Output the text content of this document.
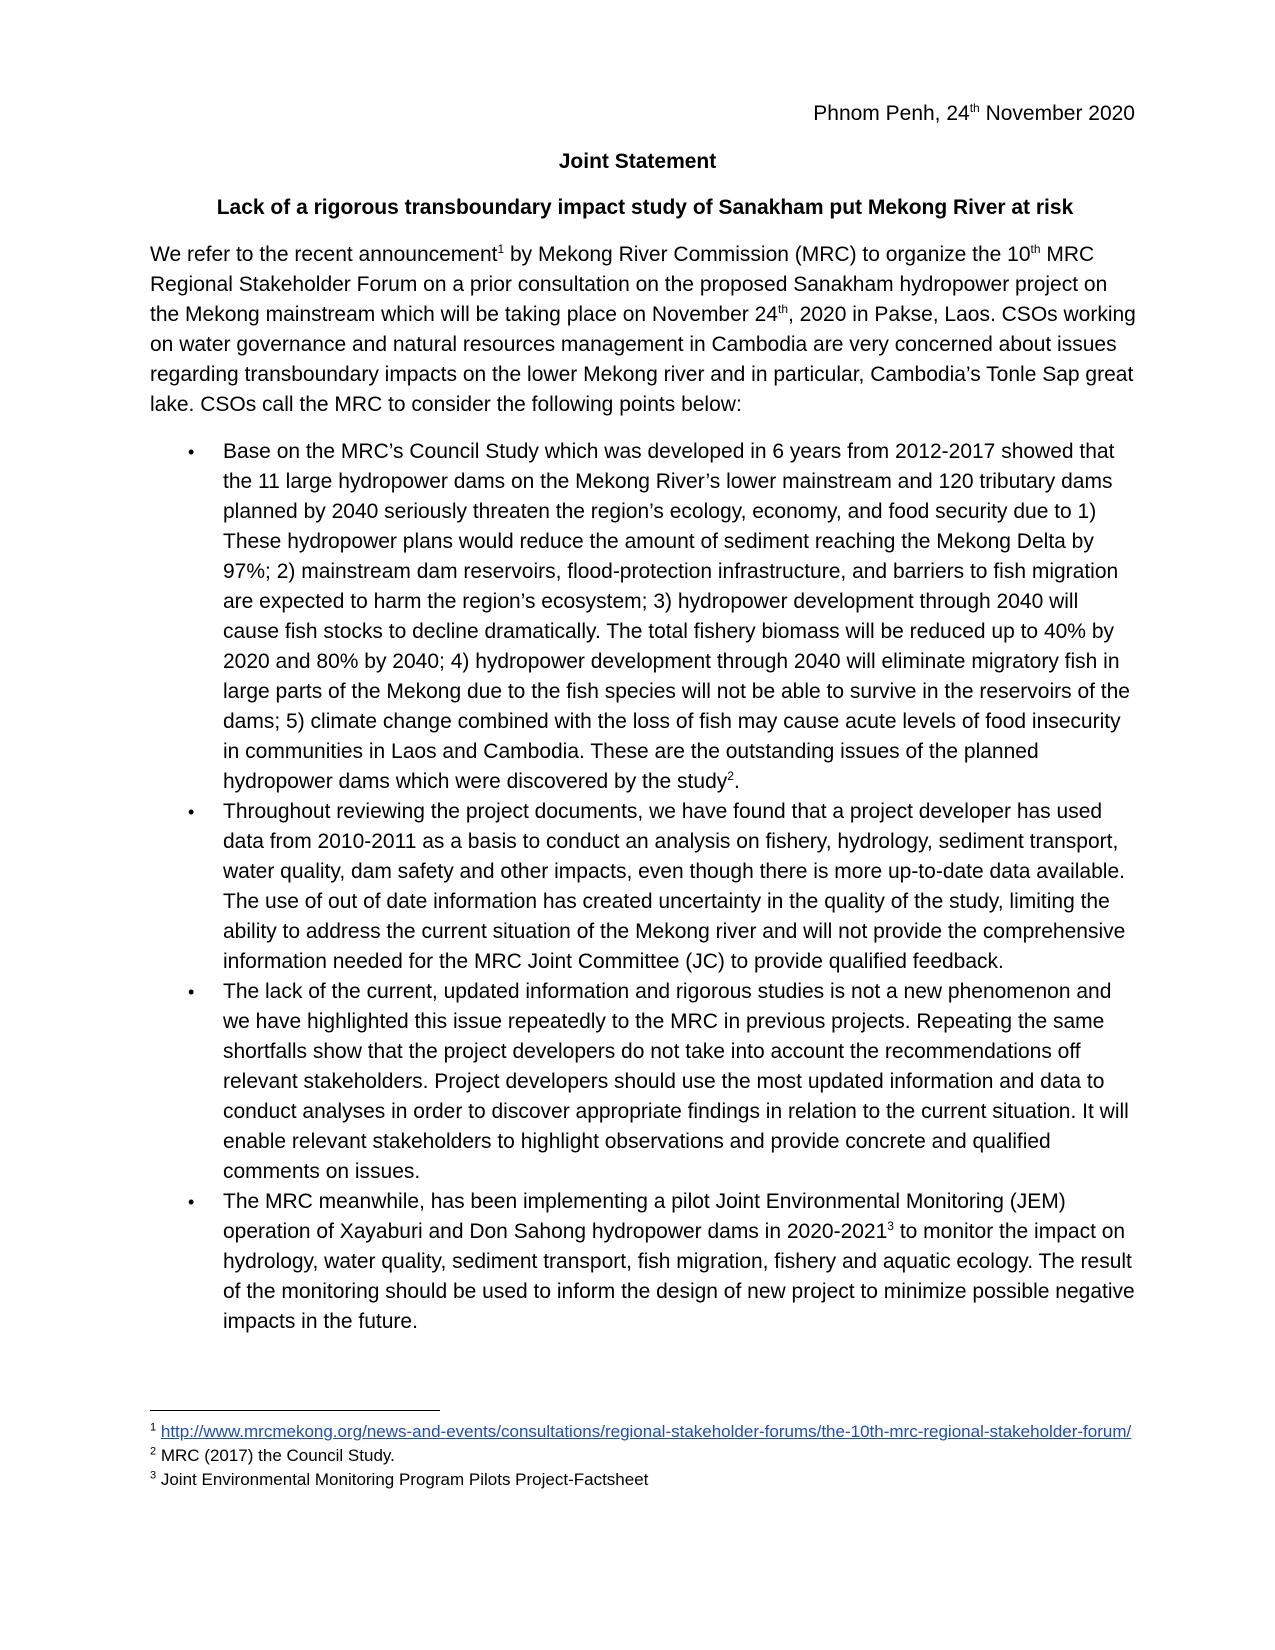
Phnom Penh, 24th November 2020
Joint Statement
Lack of a rigorous transboundary impact study of Sanakham put Mekong River at risk

We refer to the recent announcement$^1$ by Mekong River Commission (MRC) to organize the 10th MRC Regional Stakeholder Forum on a prior consultation on the proposed Sanakham hydropower project on the Mekong mainstream which will be taking place on November 24th, 2020 in Pakse, Laos. CSOs working on water governance and natural resources management in Cambodia are very concerned about issues regarding transboundary impacts on the lower Mekong river and in particular, Cambodia’s Tonle Sap great lake. CSOs call the MRC to consider the following points below:

• Base on the MRC’s Council Study which was developed in 6 years from 2012-2017 showed that the 11 large hydropower dams on the Mekong River’s lower mainstream and 120 tributary dams planned by 2040 seriously threaten the region’s ecology, economy, and food security due to 1) These hydropower plans would reduce the amount of sediment reaching the Mekong Delta by 97%; 2) mainstream dam reservoirs, flood-protection infrastructure, and barriers to fish migration are expected to harm the region’s ecosystem; 3) hydropower development through 2040 will cause fish stocks to decline dramatically. The total fishery biomass will be reduced up to 40% by 2020 and 80% by 2040; 4) hydropower development through 2040 will eliminate migratory fish in large parts of the Mekong due to the fish species will not be able to survive in the reservoirs of the dams; 5) climate change combined with the loss of fish may cause acute levels of food insecurity in communities in Laos and Cambodia. These are the outstanding issues of the planned hydropower dams which were discovered by the study$^2$.
• Throughout reviewing the project documents, we have found that a project developer has used data from 2010-2011 as a basis to conduct an analysis on fishery, hydrology, sediment transport, water quality, dam safety and other impacts, even though there is more up-to-date data available. The use of out of date information has created uncertainty in the quality of the study, limiting the ability to address the current situation of the Mekong river and will not provide the comprehensive information needed for the MRC Joint Committee (JC) to provide qualified feedback.
• The lack of the current, updated information and rigorous studies is not a new phenomenon and we have highlighted this issue repeatedly to the MRC in previous projects. Repeating the same shortfalls show that the project developers do not take into account the recommendations off relevant stakeholders. Project developers should use the most updated information and data to conduct analyses in order to discover appropriate findings in relation to the current situation. It will enable relevant stakeholders to highlight observations and provide concrete and qualified comments on issues.
• The MRC meanwhile, has been implementing a pilot Joint Environmental Monitoring (JEM) operation of Xayaburi and Don Sahong hydropower dams in 2020-2021$^3$ to monitor the impact on hydrology, water quality, sediment transport, fish migration, fishery and aquatic ecology. The result of the monitoring should be used to inform the design of new project to minimize possible negative impacts in the future.
$^1$ http://www.mrcmekong.org/news-and-events/consultations/regional-stakeholder-forums/the-10th-mrc-regional-stakeholder-forum/
$^2$ MRC (2017) the Council Study.
$^3$ Joint Environmental Monitoring Program Pilots Project-Factsheet
